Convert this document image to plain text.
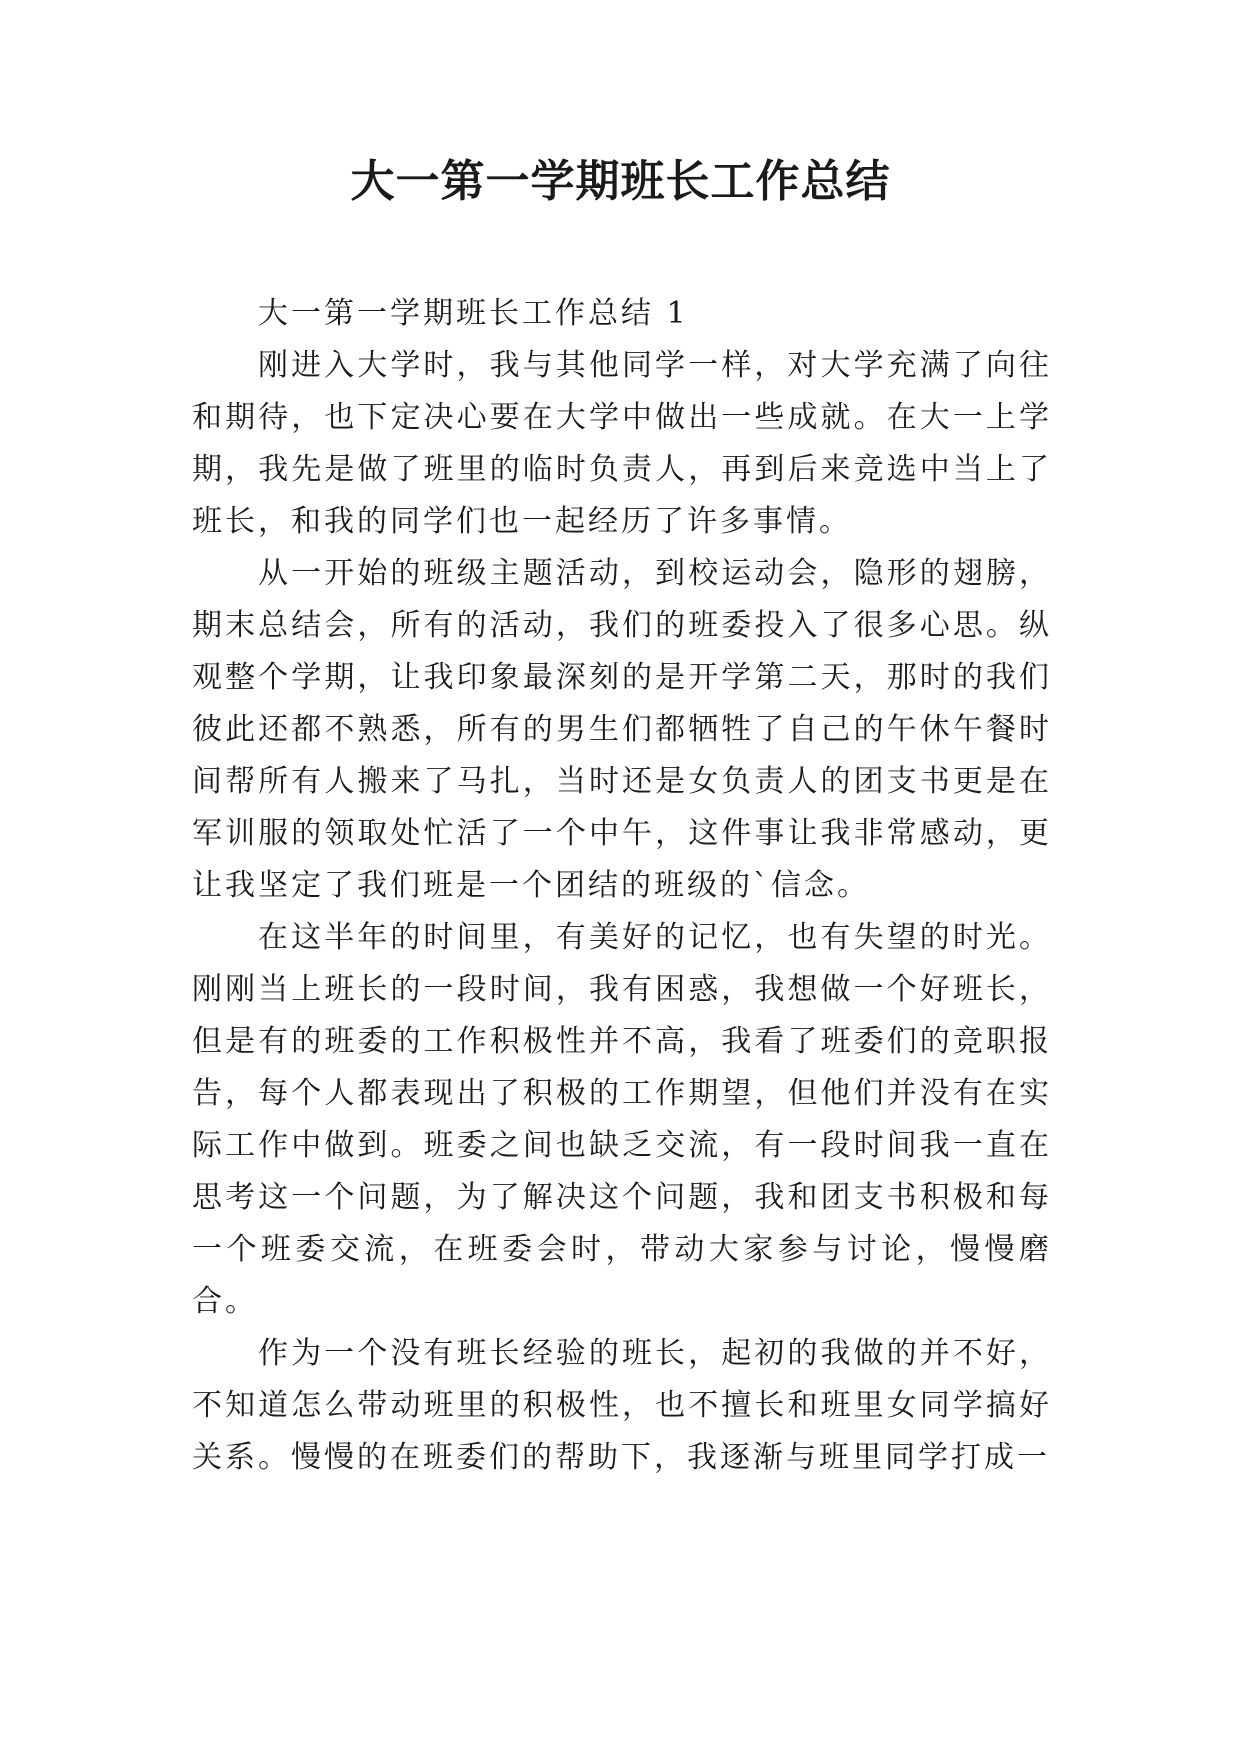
大一第一学期班长工作总结

大一第一学期班长工作总结 1

刚进入大学时，我与其他同学一样，对大学充满了向往和期待，也下定决心要在大学中做出一些成就。在大一上学期，我先是做了班里的临时负责人，再到后来竞选中当上了班长，和我的同学们也一起经历了许多事情。

从一开始的班级主题活动，到校运动会，隐形的翅膀，期末总结会，所有的活动，我们的班委投入了很多心思。纵观整个学期，让我印象最深刻的是开学第二天，那时的我们彼此还都不熟悉，所有的男生们都牺牲了自己的午休午餐时间帮所有人搬来了马扎，当时还是女负责人的团支书更是在军训服的领取处忙活了一个中午，这件事让我非常感动，更让我坚定了我们班是一个团结的班级的`信念。

在这半年的时间里，有美好的记忆，也有失望的时光。刚刚当上班长的一段时间，我有困惑，我想做一个好班长，但是有的班委的工作积极性并不高，我看了班委们的竞职报告，每个人都表现出了积极的工作期望，但他们并没有在实际工作中做到。班委之间也缺乏交流，有一段时间我一直在思考这一个问题，为了解决这个问题，我和团支书积极和每一个班委交流，在班委会时，带动大家参与讨论，慢慢磨合。

作为一个没有班长经验的班长，起初的我做的并不好，不知道怎么带动班里的积极性，也不擅长和班里女同学搞好关系。慢慢的在班委们的帮助下，我逐渐与班里同学打成一
